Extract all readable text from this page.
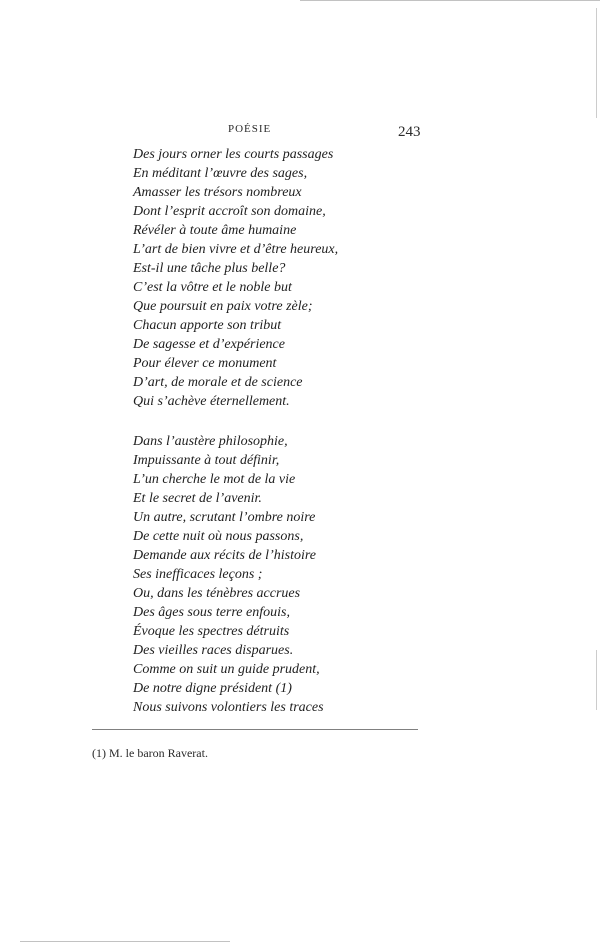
POÉSIE	243
Des jours orner les courts passages
En méditant l’œuvre des sages,
Amasser les trésors nombreux
Dont l’esprit accroît son domaine,
Révéler à toute âme humaine
L’art de bien vivre et d’être heureux,
Est-il une tâche plus belle?
C’est la vôtre et le noble but
Que poursuit en paix votre zèle;
Chacun apporte son tribut
De sagesse et d’expérience
Pour élever ce monument
D’art, de morale et de science
Qui s’achève éternellement.
Dans l’austère philosophie,
Impuissante à tout définir,
L’un cherche le mot de la vie
Et le secret de l’avenir.
Un autre, scrutant l’ombre noire
De cette nuit où nous passons,
Demande aux récits de l’histoire
Ses inefficaces leçons ;
Ou, dans les ténèbres accrues
Des âges sous terre enfouis,
Évoque les spectres détruits
Des vieilles races disparues.
Comme on suit un guide prudent,
De notre digne président (1)
Nous suivons volontiers les traces
(1) M. le baron Raverat.
